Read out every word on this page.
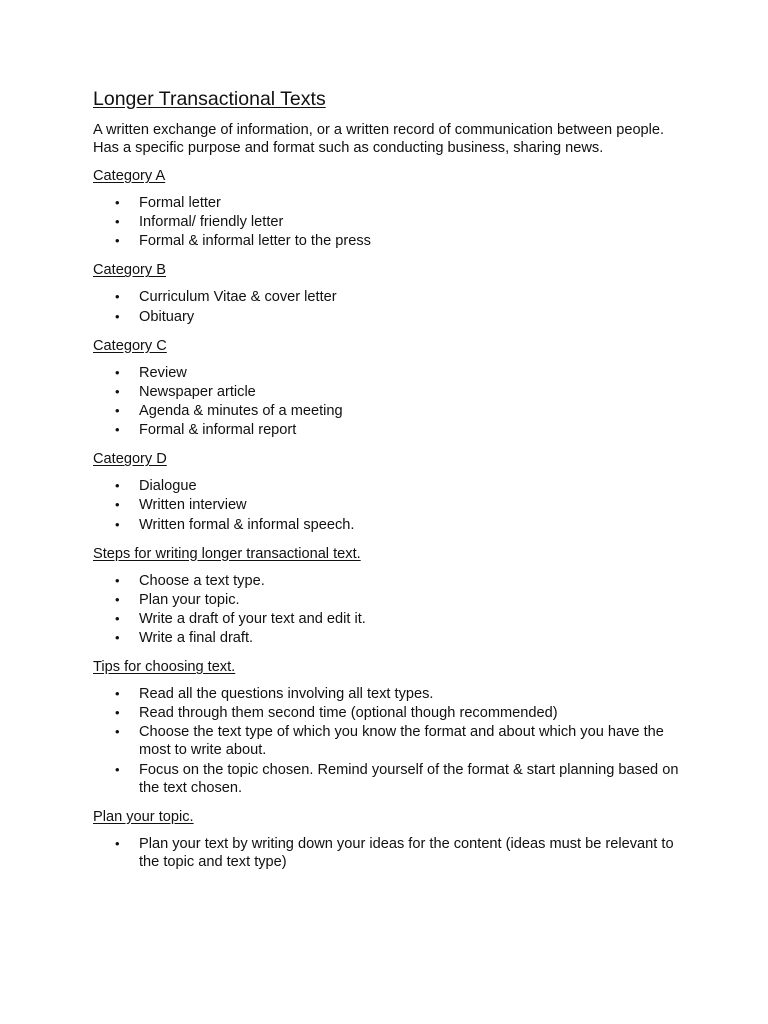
Longer Transactional Texts

A written exchange of information, or a written record of communication between people. Has a specific purpose and format such as conducting business, sharing news.

Category A
• Formal letter
• Informal/ friendly letter
• Formal & informal letter to the press
Category B
• Curriculum Vitae & cover letter
• Obituary
Category C
• Review
• Newspaper article
• Agenda & minutes of a meeting
• Formal & informal report
Category D
• Dialogue
• Written interview
• Written formal & informal speech.
Steps for writing longer transactional text.
• Choose a text type.
• Plan your topic.
• Write a draft of your text and edit it.
• Write a final draft.
Tips for choosing text.
• Read all the questions involving all text types.
• Read through them second time (optional though recommended)
• Choose the text type of which you know the format and about which you have the most to write about.
• Focus on the topic chosen. Remind yourself of the format & start planning based on the text chosen.
Plan your topic.
• Plan your text by writing down your ideas for the content (ideas must be relevant to the topic and text type)
